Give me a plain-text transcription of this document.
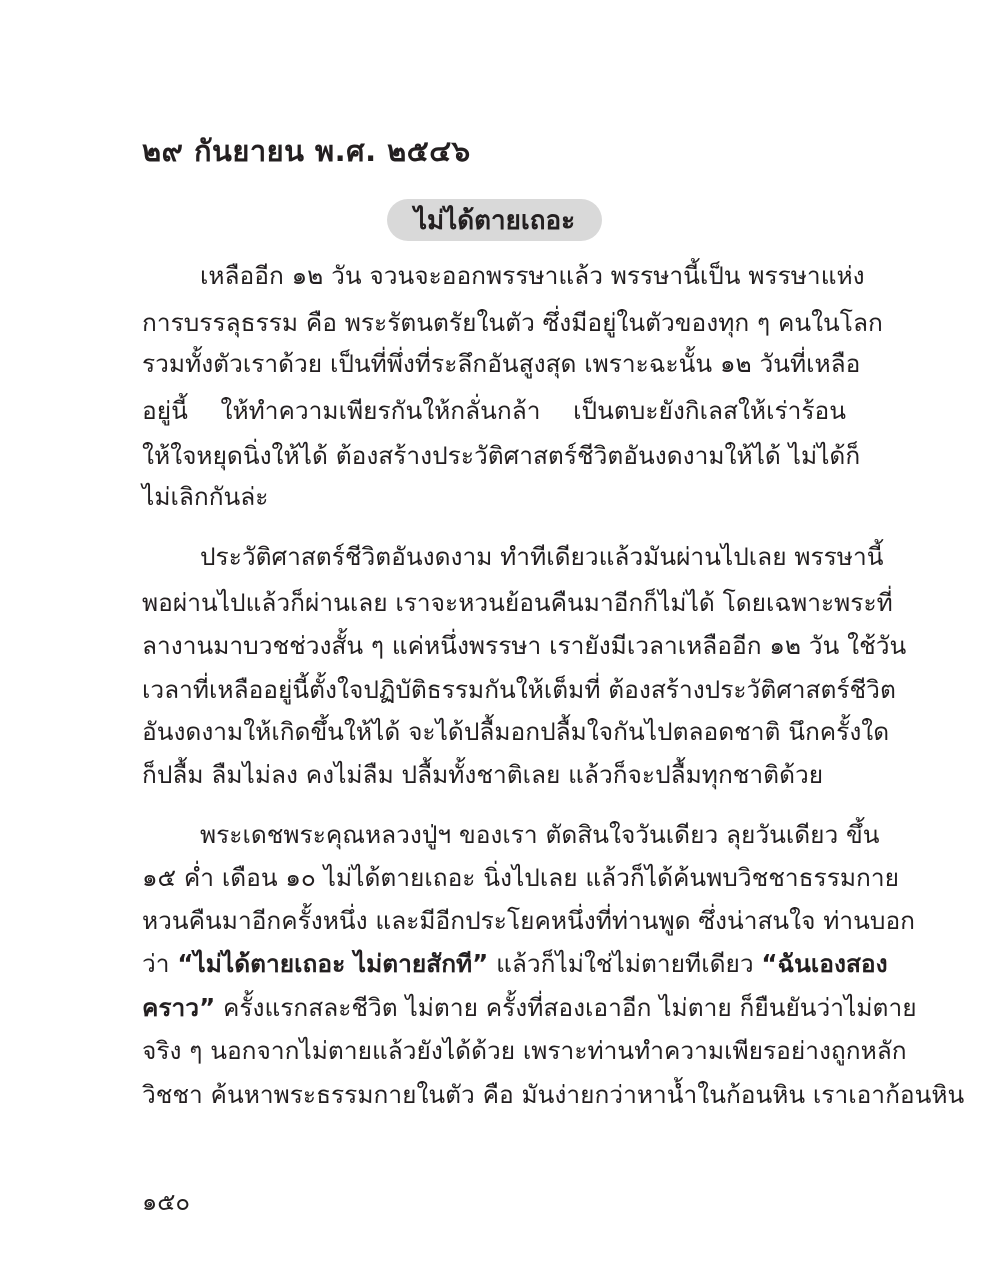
๒๙ กันยายน พ.ศ. ๒๕๔๖
ไม่ได้ตายเถอะ
เหลืออีก ๑๒ วัน จวนจะออกพรรษาแล้ว พรรษานี้เป็น พรรษาแห่ง
การบรรลุธรรม คือ พระรัตนตรัยในตัว ซึ่งมีอยู่ในตัวของทุก ๆ คนในโลก
รวมทั้งตัวเราด้วย เป็นที่พึ่งที่ระลึกอันสูงสุด เพราะฉะนั้น ๑๒ วันที่เหลือ
อยู่นี้ ให้ทำความเพียรกันให้กลั่นกล้า เป็นตบะยังกิเลสให้เร่าร้อน
ให้ใจหยุดนิ่งให้ได้ ต้องสร้างประวัติศาสตร์ชีวิตอันงดงามให้ได้ ไม่ได้ก็
ไม่เลิกกันล่ะ
ประวัติศาสตร์ชีวิตอันงดงาม ทำทีเดียวแล้วมันผ่านไปเลย พรรษานี้
พอผ่านไปแล้วก็ผ่านเลย เราจะหวนย้อนคืนมาอีกก็ไม่ได้ โดยเฉพาะพระที่
ลางานมาบวชช่วงสั้น ๆ แค่หนึ่งพรรษา เรายังมีเวลาเหลืออีก ๑๒ วัน ใช้วัน
เวลาที่เหลืออยู่นี้ตั้งใจปฏิบัติธรรมกันให้เต็มที่ ต้องสร้างประวัติศาสตร์ชีวิต
อันงดงามให้เกิดขึ้นให้ได้ จะได้ปลื้มอกปลื้มใจกันไปตลอดชาติ นึกครั้งใด
ก็ปลื้ม ลืมไม่ลง คงไม่ลืม ปลื้มทั้งชาติเลย แล้วก็จะปลื้มทุกชาติด้วย
พระเดชพระคุณหลวงปู่ฯ ของเรา ตัดสินใจวันเดียว ลุยวันเดียว ขึ้น
๑๕ ค่ำ เดือน ๑๐ ไม่ได้ตายเถอะ นิ่งไปเลย แล้วก็ได้ค้นพบวิชชาธรรมกาย
หวนคืนมาอีกครั้งหนึ่ง และมีอีกประโยคหนึ่งที่ท่านพูด ซึ่งน่าสนใจ ท่านบอก
ว่า “ไม่ได้ตายเถอะ ไม่ตายสักที” แล้วก็ไม่ใช่ไม่ตายทีเดียว “ฉันเองสอง
คราว” ครั้งแรกสละชีวิต ไม่ตาย ครั้งที่สองเอาอีก ไม่ตาย ก็ยืนยันว่าไม่ตาย
จริง ๆ นอกจากไม่ตายแล้วยังได้ด้วย เพราะท่านทำความเพียรอย่างถูกหลัก
วิชชา ค้นหาพระธรรมกายในตัว คือ มันง่ายกว่าหาน้ำในก้อนหิน เราเอาก้อนหิน
๑๕๐
